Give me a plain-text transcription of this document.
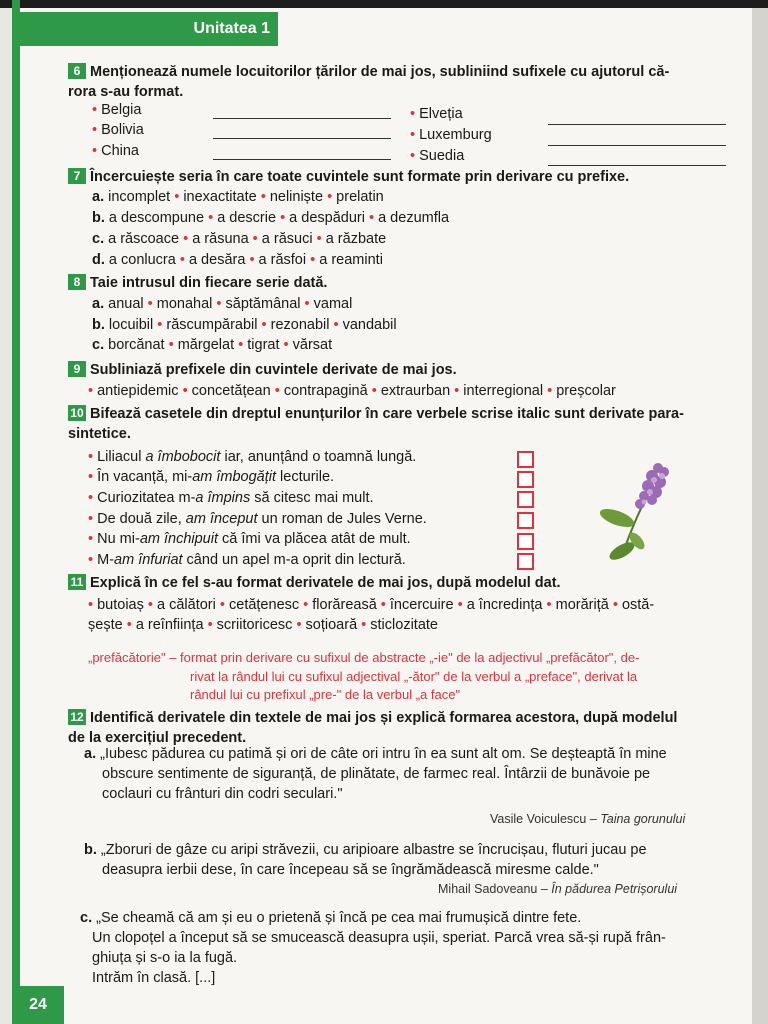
Unitatea 1
6 Menționează numele locuitorilor țărilor de mai jos, subliniind sufixele cu ajutorul că-
rora s-au format.
• Belgia
• Bolivia
• China
• Elveția
• Luxemburg
• Suedia
7 Încercuiește seria în care toate cuvintele sunt formate prin derivare cu prefixe.
a. incomplet • inexactitate • neliniște • prelatin
b. a descompune • a descrie • a despăduri • a dezumfla
c. a răscoace • a răsuna • a răsuci • a răzbate
d. a conlucra • a desăra • a răsfoi • a reaminti
8 Taie intrusul din fiecare serie dată.
a. anual • monahal • săptămânal • vamal
b. locuibil • răscumpărabil • rezonabil • vandabil
c. borcănat • mărgelat • tigrat • vărsat
9 Subliniază prefixele din cuvintele derivate de mai jos.
• antiepidemic • concetățean • contrapagină • extraurban • interregional • preșcolar
10 Bifează casetele din dreptul enunțurilor în care verbele scrise italic sunt derivate para-
sintetice.
• Liliacul a îmbobocit iar, anunțând o toamnă lungă.
• În vacanță, mi-am îmbogățit lecturile.
• Curiozitatea m-a împins să citesc mai mult.
• De două zile, am început un roman de Jules Verne.
• Nu mi-am închipuit că îmi va plăcea atât de mult.
• M-am înfuriat când un apel m-a oprit din lectură.
11 Explică în ce fel s-au format derivatele de mai jos, după modelul dat.
• butoiaș • a călători • cetățenesc • florăreasă • încercuire • a încredința • morăriță • ostă-
șește • a reînființa • scriitoricesc • soțioară • sticlozitate
„prefăcătorie" – format prin derivare cu sufixul de abstracte „-ie" de la adjectivul „prefăcător", de-
rivat la rândul lui cu sufixul adjectival „-ător" de la verbul a „preface", derivat la
rândul lui cu prefixul „pre-" de la verbul „a face"
12 Identifică derivatele din textele de mai jos și explică formarea acestora, după modelul
de la exercițiul precedent.
a. „Iubesc pădurea cu patimă și ori de câte ori intru în ea sunt alt om. Se deșteaptă în mine
obscure sentimente de siguranță, de plinătate, de farmec real. Întârzii de bunăvoie pe
coclauri cu frânturi din codri seculari."
Vasile Voiculescu – Taina gorunului
b. „Zboruri de gâze cu aripi străvezii, cu aripioare albastre se încrucișau, fluturi jucau pe
deasupra ierbii dese, în care începeau să se îngrămădească miresme calde."
Mihail Sadoveanu – În pădurea Petrișorului
c. „Se cheamă că am și eu o prietenă și încă pe cea mai frumușică dintre fete.
Un clopoțel a început să se smucească deasupra ușii, speriat. Parcă vrea să-și rupă frân-
ghiuța și s-o ia la fugă.
Intrăm în clasă. [...]
24
